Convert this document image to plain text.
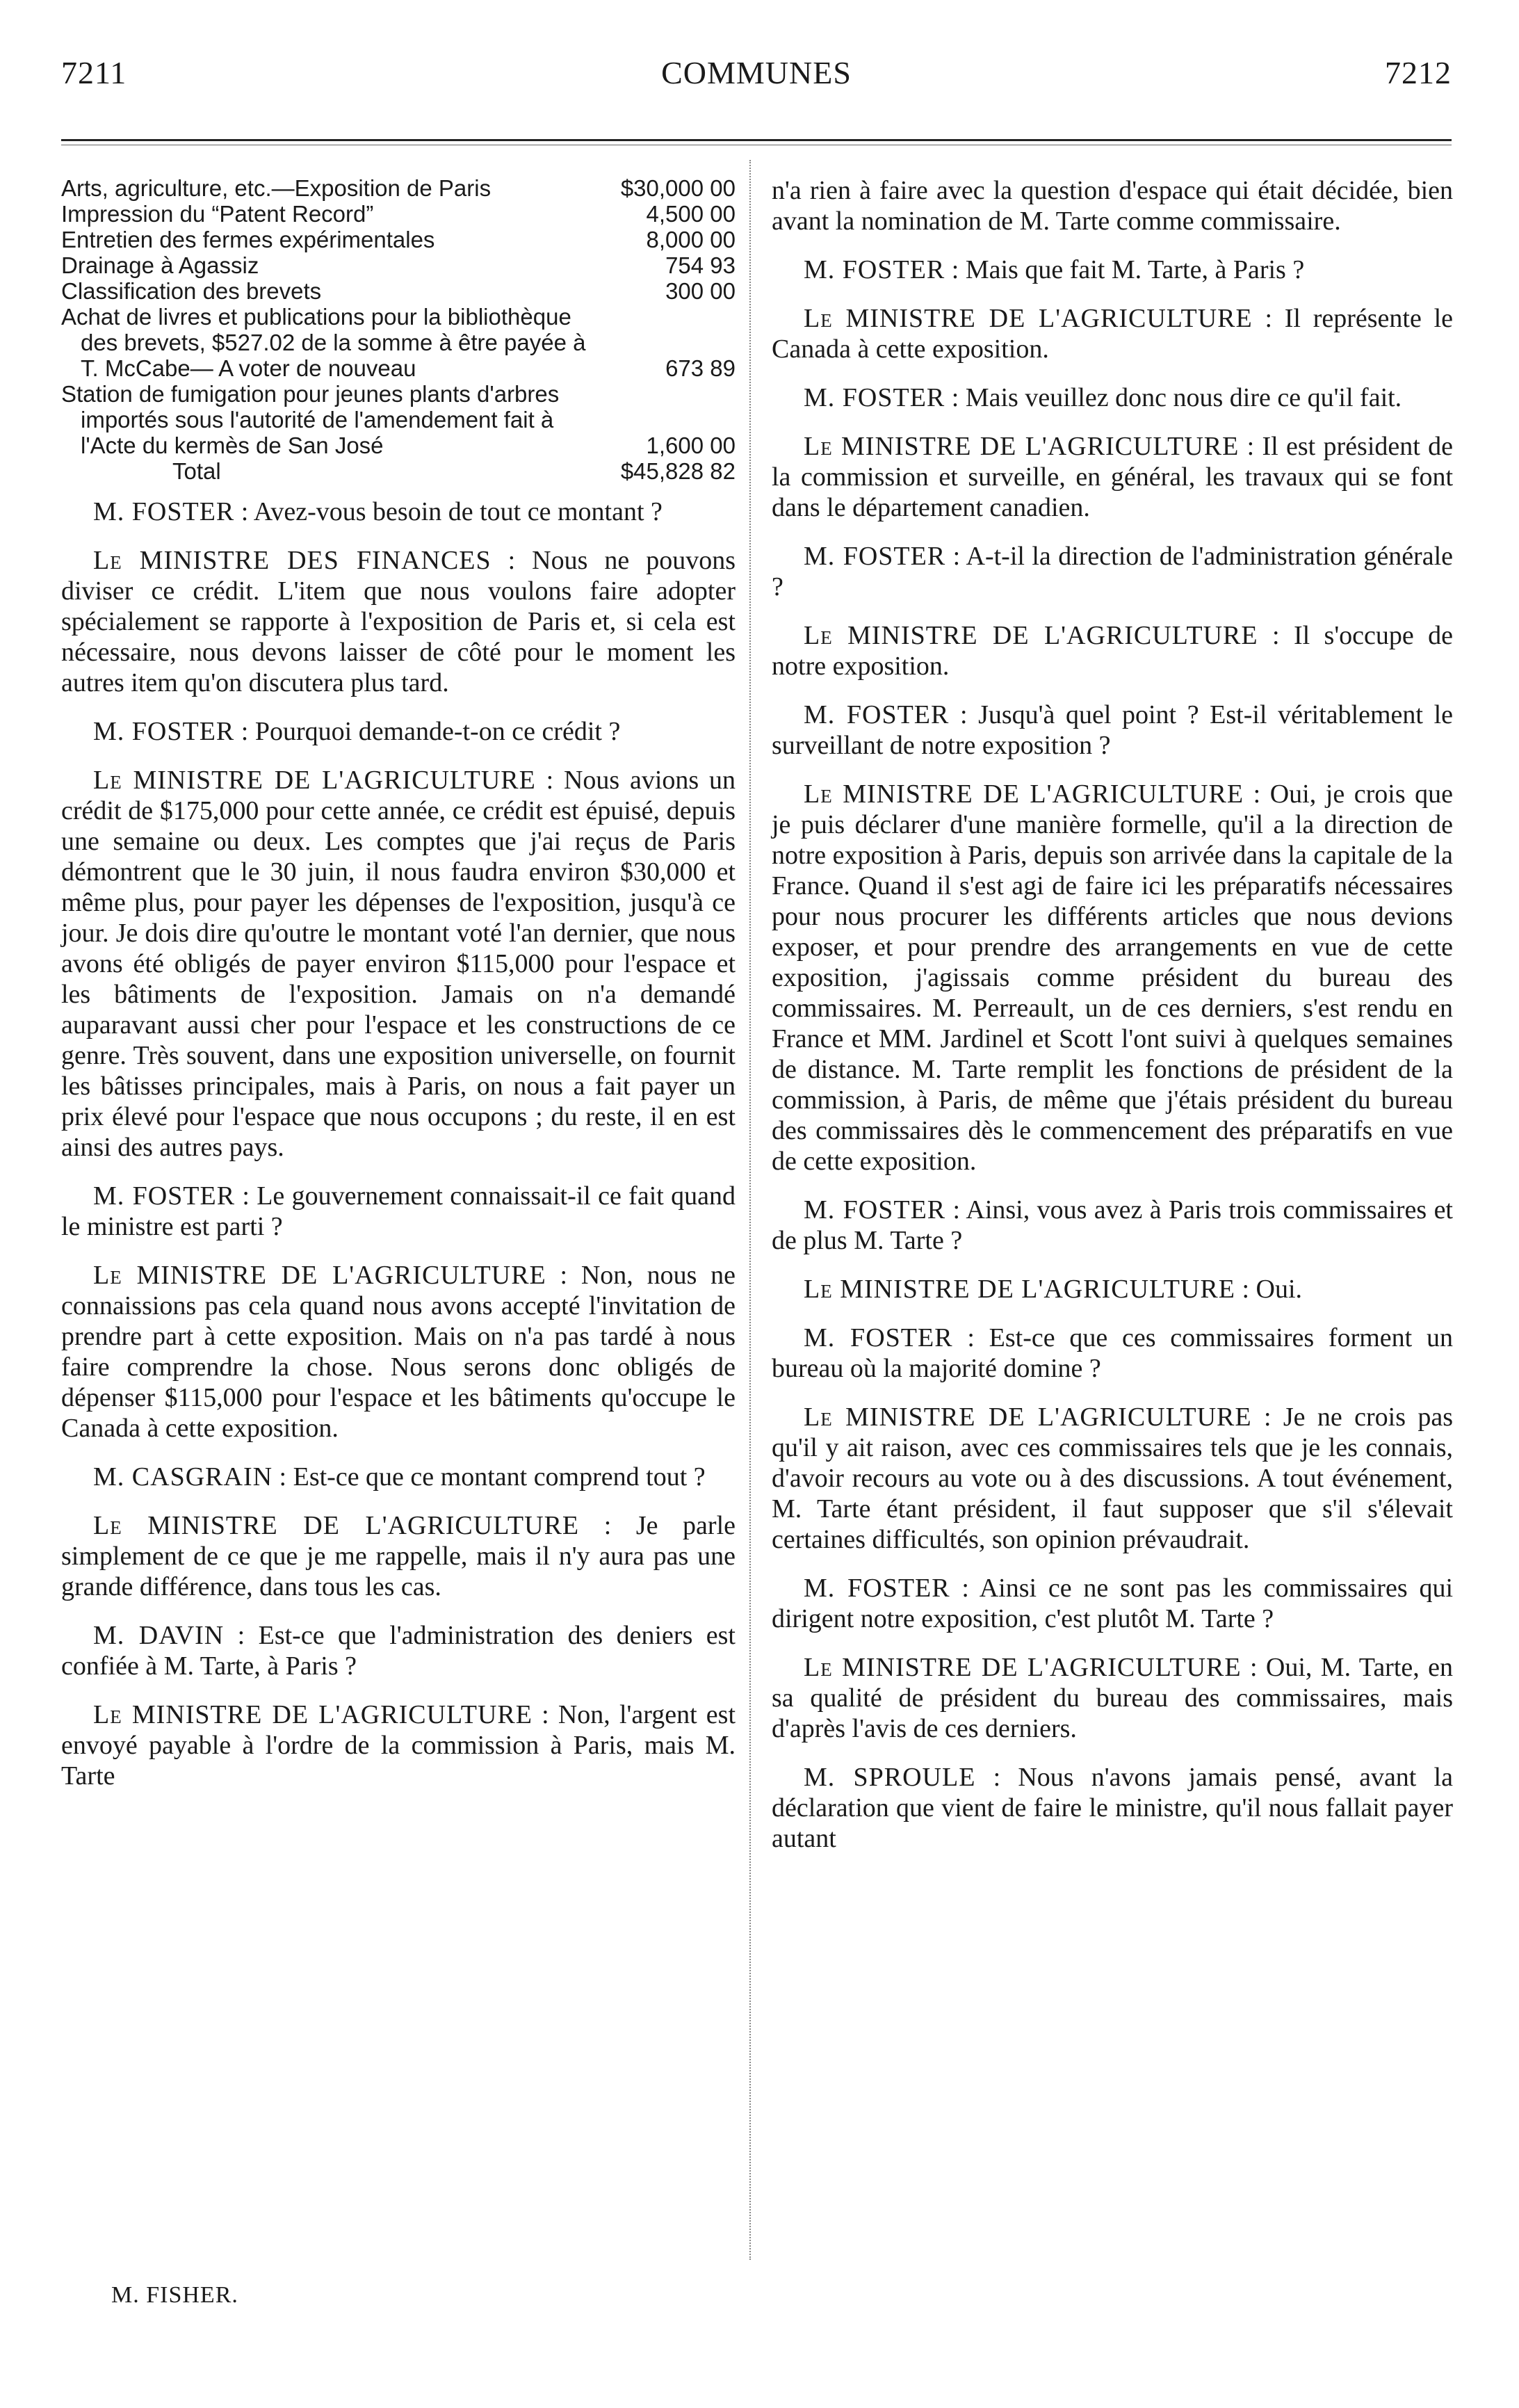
7211	COMMUNES	7212
Arts, agriculture, etc.—Exposition de Paris	$30,000 00
Impression du “Patent Record”	4,500 00
Entretien des fermes expérimentales	8,000 00
Drainage à Agassiz	754 93
Classification des brevets	300 00
Achat de livres et publications pour la bibliothèque des brevets, $527.02 de la somme à être payée à T. McCabe— A voter de nouveau	673 89
Station de fumigation pour jeunes plants d'arbres importés sous l'autorité de l'amendement fait à l'Acte du kermès de San José	1,600 00
Total	$45,828 82

M. FOSTER : Avez-vous besoin de tout ce montant ?

Le MINISTRE DES FINANCES : Nous ne pouvons diviser ce crédit. L'item que nous voulons faire adopter spécialement se rapporte à l'exposition de Paris et, si cela est nécessaire, nous devons laisser de côté pour le moment les autres item qu'on discutera plus tard.

M. FOSTER : Pourquoi demande-t-on ce crédit ?

Le MINISTRE DE L'AGRICULTURE : Nous avions un crédit de $175,000 pour cette année, ce crédit est épuisé, depuis une semaine ou deux. Les comptes que j'ai reçus de Paris démontrent que le 30 juin, il nous faudra environ $30,000 et même plus, pour payer les dépenses de l'exposition, jusqu'à ce jour. Je dois dire qu'outre le montant voté l'an dernier, que nous avons été obligés de payer environ $115,000 pour l'espace et les bâtiments de l'exposition. Jamais on n'a demandé auparavant aussi cher pour l'espace et les constructions de ce genre. Très souvent, dans une exposition universelle, on fournit les bâtisses principales, mais à Paris, on nous a fait payer un prix élevé pour l'espace que nous occupons ; du reste, il en est ainsi des autres pays.

M. FOSTER : Le gouvernement connaissait-il ce fait quand le ministre est parti ?

Le MINISTRE DE L'AGRICULTURE : Non, nous ne connaissions pas cela quand nous avons accepté l'invitation de prendre part à cette exposition. Mais on n'a pas tardé à nous faire comprendre la chose. Nous serons donc obligés de dépenser $115,000 pour l'espace et les bâtiments qu'occupe le Canada à cette exposition.

M. CASGRAIN : Est-ce que ce montant comprend tout ?

Le MINISTRE DE L'AGRICULTURE : Je parle simplement de ce que je me rappelle, mais il n'y aura pas une grande différence, dans tous les cas.

M. DAVIN : Est-ce que l'administration des deniers est confiée à M. Tarte, à Paris ?

Le MINISTRE DE L'AGRICULTURE : Non, l'argent est envoyé payable à l'ordre de la commission à Paris, mais M. Tarte

n'a rien à faire avec la question d'espace qui était décidée, bien avant la nomination de M. Tarte comme commissaire.

M. FOSTER : Mais que fait M. Tarte, à Paris ?

Le MINISTRE DE L'AGRICULTURE : Il représente le Canada à cette exposition.

M. FOSTER : Mais veuillez donc nous dire ce qu'il fait.

Le MINISTRE DE L'AGRICULTURE : Il est président de la commission et surveille, en général, les travaux qui se font dans le département canadien.

M. FOSTER : A-t-il la direction de l'administration générale ?

Le MINISTRE DE L'AGRICULTURE : Il s'occupe de notre exposition.

M. FOSTER : Jusqu'à quel point ? Est-il véritablement le surveillant de notre exposition ?

Le MINISTRE DE L'AGRICULTURE : Oui, je crois que je puis déclarer d'une manière formelle, qu'il a la direction de notre exposition à Paris, depuis son arrivée dans la capitale de la France. Quand il s'est agi de faire ici les préparatifs nécessaires pour nous procurer les différents articles que nous devions exposer, et pour prendre des arrangements en vue de cette exposition, j'agissais comme président du bureau des commissaires. M. Perreault, un de ces derniers, s'est rendu en France et MM. Jardinel et Scott l'ont suivi à quelques semaines de distance. M. Tarte remplit les fonctions de président de la commission, à Paris, de même que j'étais président du bureau des commissaires dès le commencement des préparatifs en vue de cette exposition.

M. FOSTER : Ainsi, vous avez à Paris trois commissaires et de plus M. Tarte ?

Le MINISTRE DE L'AGRICULTURE : Oui.

M. FOSTER : Est-ce que ces commissaires forment un bureau où la majorité domine ?

Le MINISTRE DE L'AGRICULTURE : Je ne crois pas qu'il y ait raison, avec ces commissaires tels que je les connais, d'avoir recours au vote ou à des discussions. A tout événement, M. Tarte étant président, il faut supposer que s'il s'élevait certaines difficultés, son opinion prévaudrait.

M. FOSTER : Ainsi ce ne sont pas les commissaires qui dirigent notre exposition, c'est plutôt M. Tarte ?

Le MINISTRE DE L'AGRICULTURE : Oui, M. Tarte, en sa qualité de président du bureau des commissaires, mais d'après l'avis de ces derniers.

M. SPROULE : Nous n'avons jamais pensé, avant la déclaration que vient de faire le ministre, qu'il nous fallait payer autant

M. FISHER.
